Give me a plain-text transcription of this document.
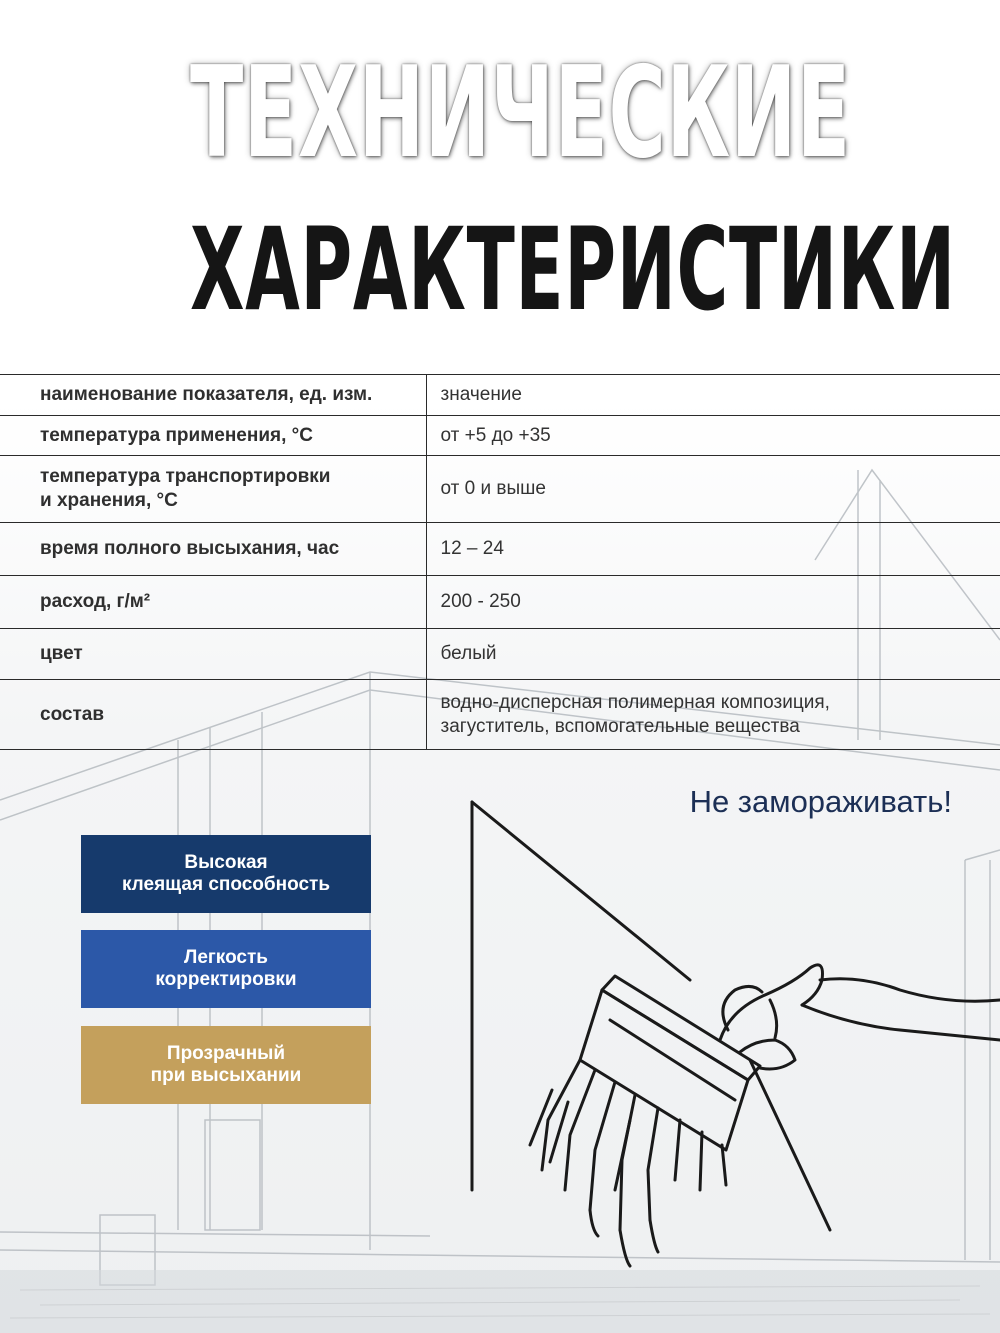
ТЕХНИЧЕСКИЕ
ХАРАКТЕРИСТИКИ
наименование показателя, ед. изм.	значение
температура применения, °С	от +5 до +35

температура транспортировки
и хранения, °С	от 0 и выше
время полного высыхания, час	12 – 24
расход, г/м²	200 - 250
цвет	белый
состав	водно-дисперсная полимерная композиция,
загуститель, вспомогательные вещества
Не замораживать!
Высокая
клеящая способность
Легкость
корректировки
Прозрачный
при высыхании
